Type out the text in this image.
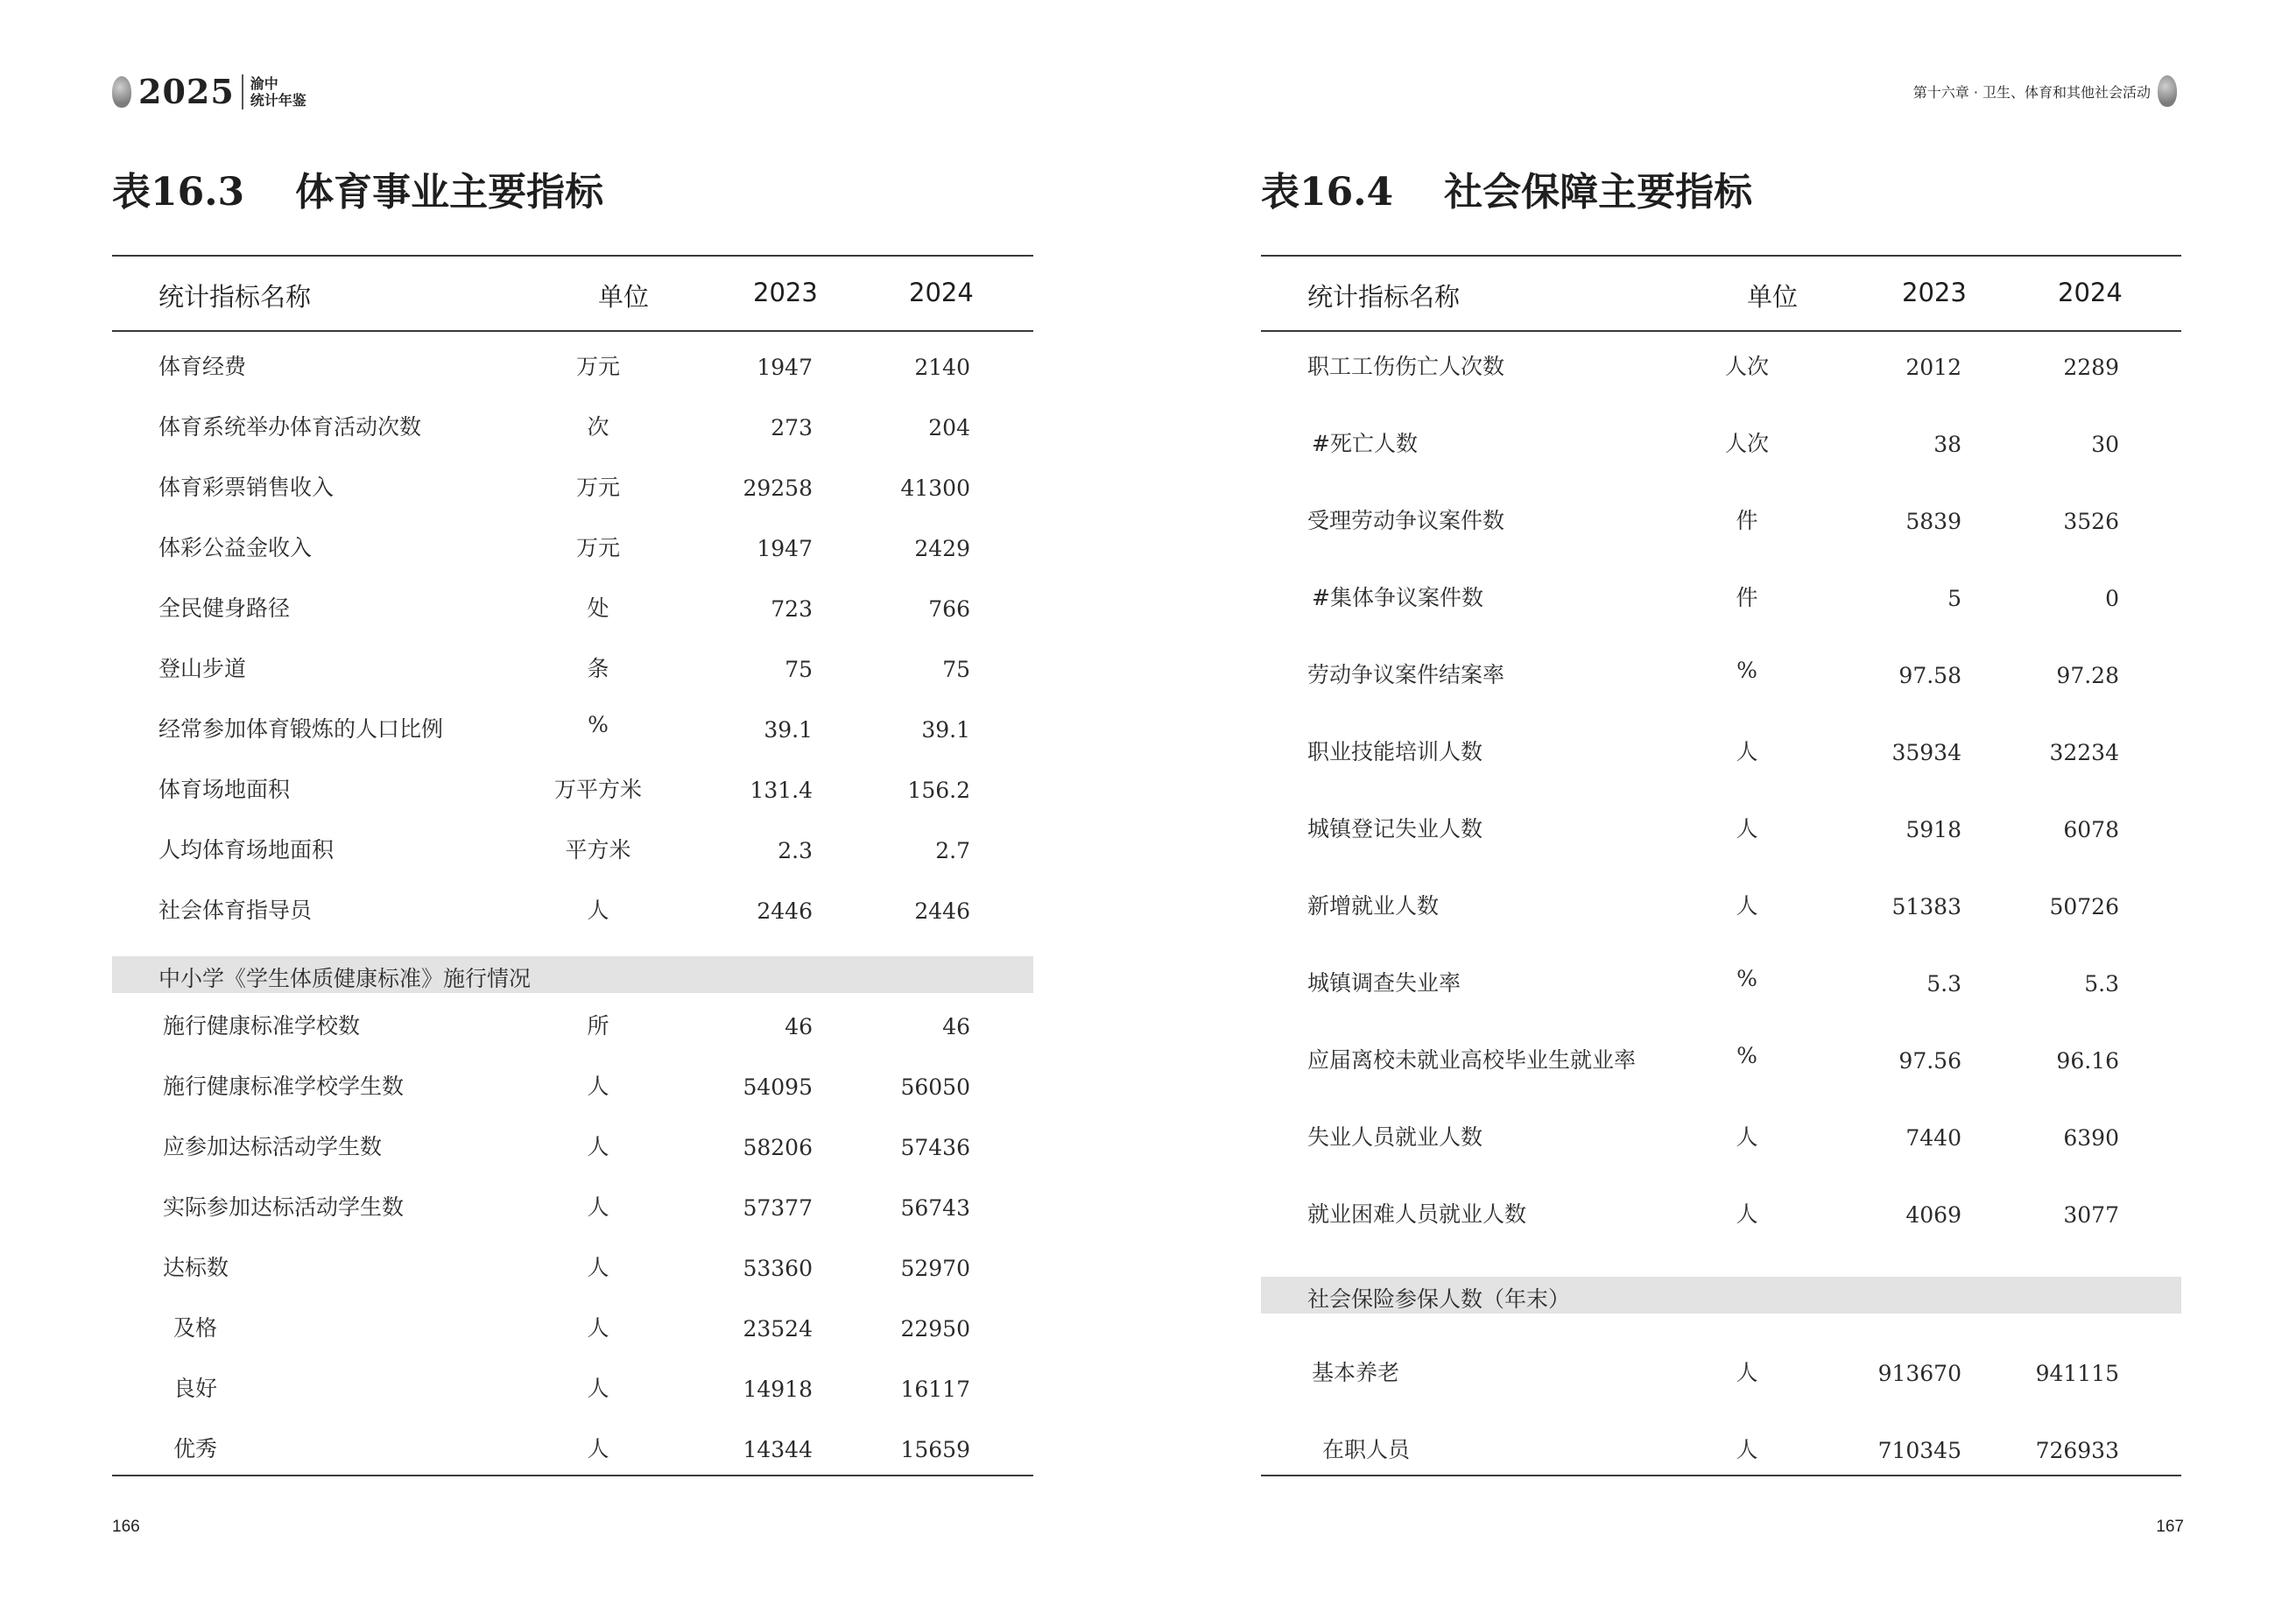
2025 渝中
统计年鉴
表16.3 体育事业主要指标
统计指标名称	单位	2023	2024
体育经费	万元	1947	2140
体育系统举办体育活动次数	次	273	204
体育彩票销售收入	万元	29258	41300
体彩公益金收入	万元	1947	2429
全民健身路径	处	723	766
登山步道	条	75	75
经常参加体育锻炼的人口比例	%	39.1	39.1
体育场地面积	万平方米	131.4	156.2
人均体育场地面积	平方米	2.3	2.7
社会体育指导员	人	2446	2446
中小学《学生体质健康标准》施行情况
施行健康标准学校数	所	46	46
施行健康标准学校学生数	人	54095	56050
应参加达标活动学生数	人	58206	57436
实际参加达标活动学生数	人	57377	56743
达标数	人	53360	52970
及格	人	23524	22950
良好	人	14918	16117
优秀	人	14344	15659
166
第十六章 · 卫生、体育和其他社会活动
表16.4 社会保障主要指标
统计指标名称	单位	2023	2024
职工工伤伤亡人次数	人次	2012	2289
#死亡人数	人次	38	30
受理劳动争议案件数	件	5839	3526
#集体争议案件数	件	5	0
劳动争议案件结案率	%	97.58	97.28
职业技能培训人数	人	35934	32234
城镇登记失业人数	人	5918	6078
新增就业人数	人	51383	50726
城镇调查失业率	%	5.3	5.3
应届离校未就业高校毕业生就业率	%	97.56	96.16
失业人员就业人数	人	7440	6390
就业困难人员就业人数	人	4069	3077
社会保险参保人数（年末）
基本养老	人	913670	941115
在职人员	人	710345	726933
167
